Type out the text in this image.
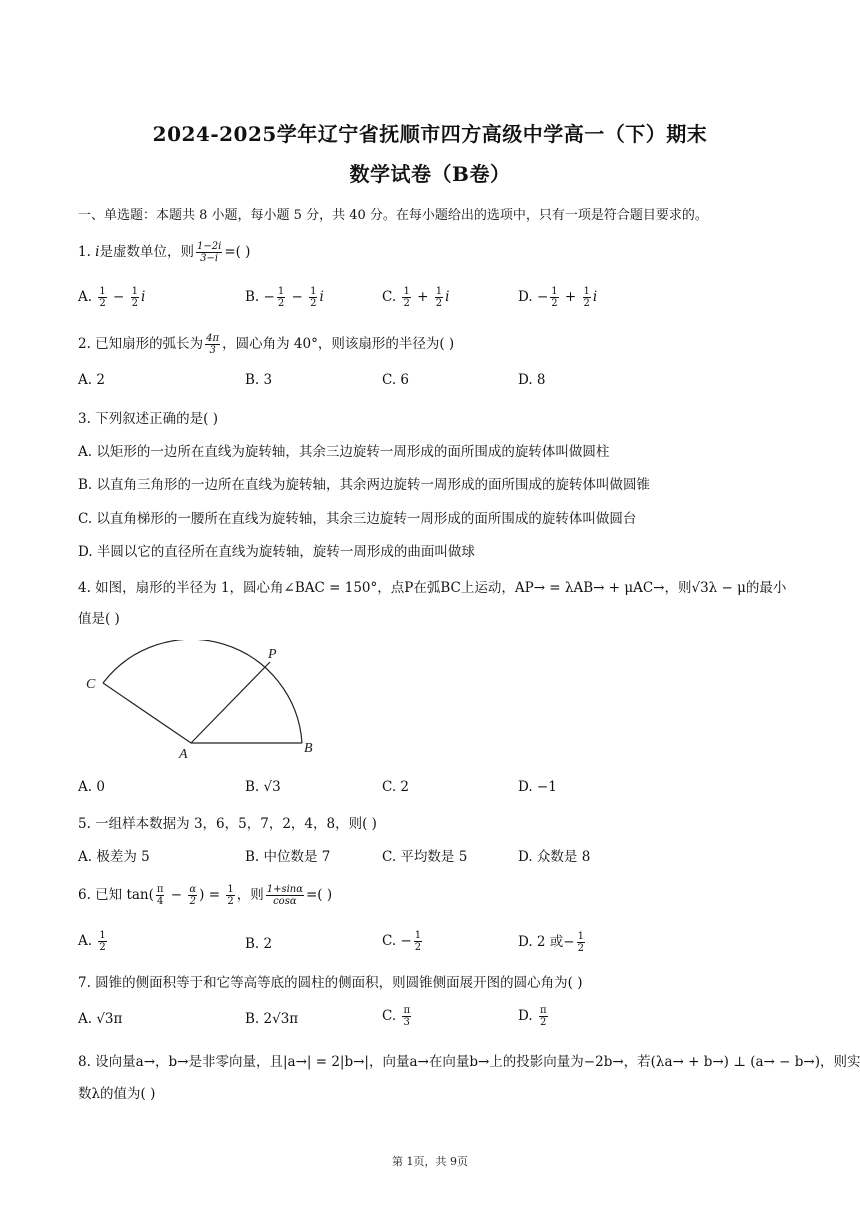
2024-2025学年辽宁省抚顺市四方高级中学高一（下）期末
数学试卷（B卷）
一、单选题：本题共 8 小题，每小题 5 分，共 40 分。在每小题给出的选项中，只有一项是符合题目要求的。
1. i是虚数单位，则 $\frac{1-2i}{3-i}$ =( )
A. $\frac{1}{2} - \frac{1}{2}$ i	B. − $\frac{1}{2} - \frac{1}{2}$ i	C. $\frac{1}{2} + \frac{1}{2}$ i	D. − $\frac{1}{2} + \frac{1}{2}$ i
2. 已知扇形的弧长为 $\frac{4\pi}{3}$ ，圆心角为 40°，则该扇形的半径为( )
A. 2	B. 3	C. 6	D. 8
3. 下列叙述正确的是( )
A. 以矩形的一边所在直线为旋转轴，其余三边旋转一周形成的面所围成的旋转体叫做圆柱
B. 以直角三角形的一边所在直线为旋转轴，其余两边旋转一周形成的面所围成的旋转体叫做圆锥
C. 以直角梯形的一腰所在直线为旋转轴，其余三边旋转一周形成的面所围成的旋转体叫做圆台
D. 半圆以它的直径所在直线为旋转轴，旋转一周形成的曲面叫做球
4. 如图，扇形的半径为 1，圆心角∠BAC = 150°，点P在弧BC上运动，AP→ = λAB→ + μAC→，则√3λ − μ的最小
值是( )
A	B
C
P
A. 0	B. √3	C. 2	D. −1
5. 一组样本数据为 3，6，5，7，2，4，8，则( )
A. 极差为 5	B. 中位数是 7	C. 平均数是 5	D. 众数是 8
6. 已知 $\tan( \frac{\pi}{4} - \frac{\alpha}{2}$ ) = $\frac{1}{2}$ ，则 $\frac{1+\sin\alpha}{\cos\alpha}$ =( )
A. $\frac{1}{2}$	B. 2	C. − $\frac{1}{2}$	D. 2 或− $\frac{1}{2}$
7. 圆锥的侧面积等于和它等高等底的圆柱的侧面积，则圆锥侧面展开图的圆心角为( )
A. √3π	B. 2√3π	C. $\frac{\pi}{3}$	D. $\frac{\pi}{2}$
8. 设向量a→，b→是非零向量，且|a→| = 2|b→|，向量a→在向量b→上的投影向量为−2b→，若(λa→ + b→) ⊥ (a→ − b→)，则实
数λ的值为( )
第 1页，共 9页
